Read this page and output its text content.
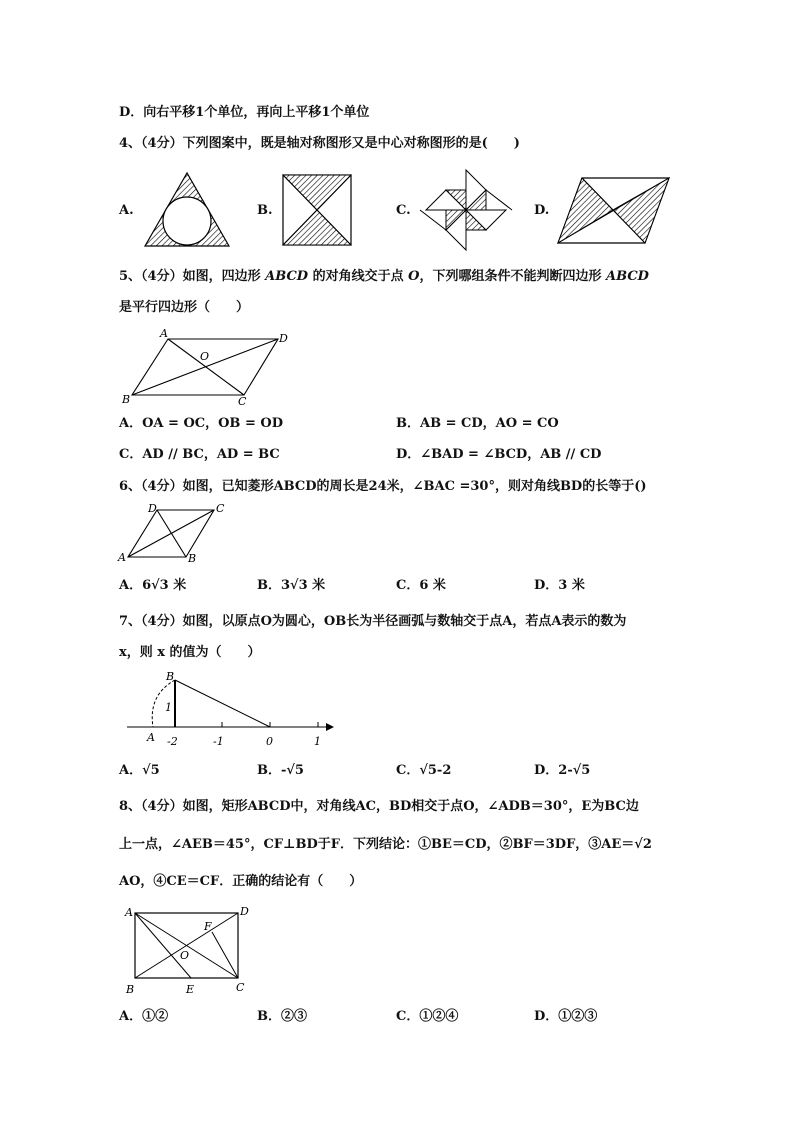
D．向右平移1个单位，再向上平移1个单位
4、（4分）下列图案中，既是轴对称图形又是中心对称图形的是(　　)
A.	B.	C.	D.
5、（4分）如图，四边形 ABCD 的对角线交于点 O，下列哪组条件不能判断四边形 ABCD
是平行四边形（　　）
A	D
O
B	C
A．OA = OC，OB = OD	B．AB = CD，AO = CO
C．AD // BC，AD = BC	D．∠BAD = ∠BCD，AB // CD
6、（4分）如图，已知菱形ABCD的周长是24米，∠BAC =30°，则对角线BD的长等于()
D	C
A	B
A．6√3 米	B．3√3 米	C．6 米	D．3 米
7、（4分）如图，以原点O为圆心，OB长为半径画弧与数轴交于点A，若点A表示的数为
x，则 x 的值为（　　）
B
1
A -2	-1	0	1
A．√5	B．-√5	C．√5-2	D．2-√5
8、（4分）如图，矩形ABCD中，对角线AC，BD相交于点O，∠ADB＝30°，E为BC边
上一点，∠AEB＝45°，CF⊥BD于F．下列结论：①BE＝CD，②BF＝3DF，③AE＝√2
AO，④CE＝CF．正确的结论有（　　）
A	D
F
O
B	E	C
A．①②	B．②③	C．①②④	D．①②③
